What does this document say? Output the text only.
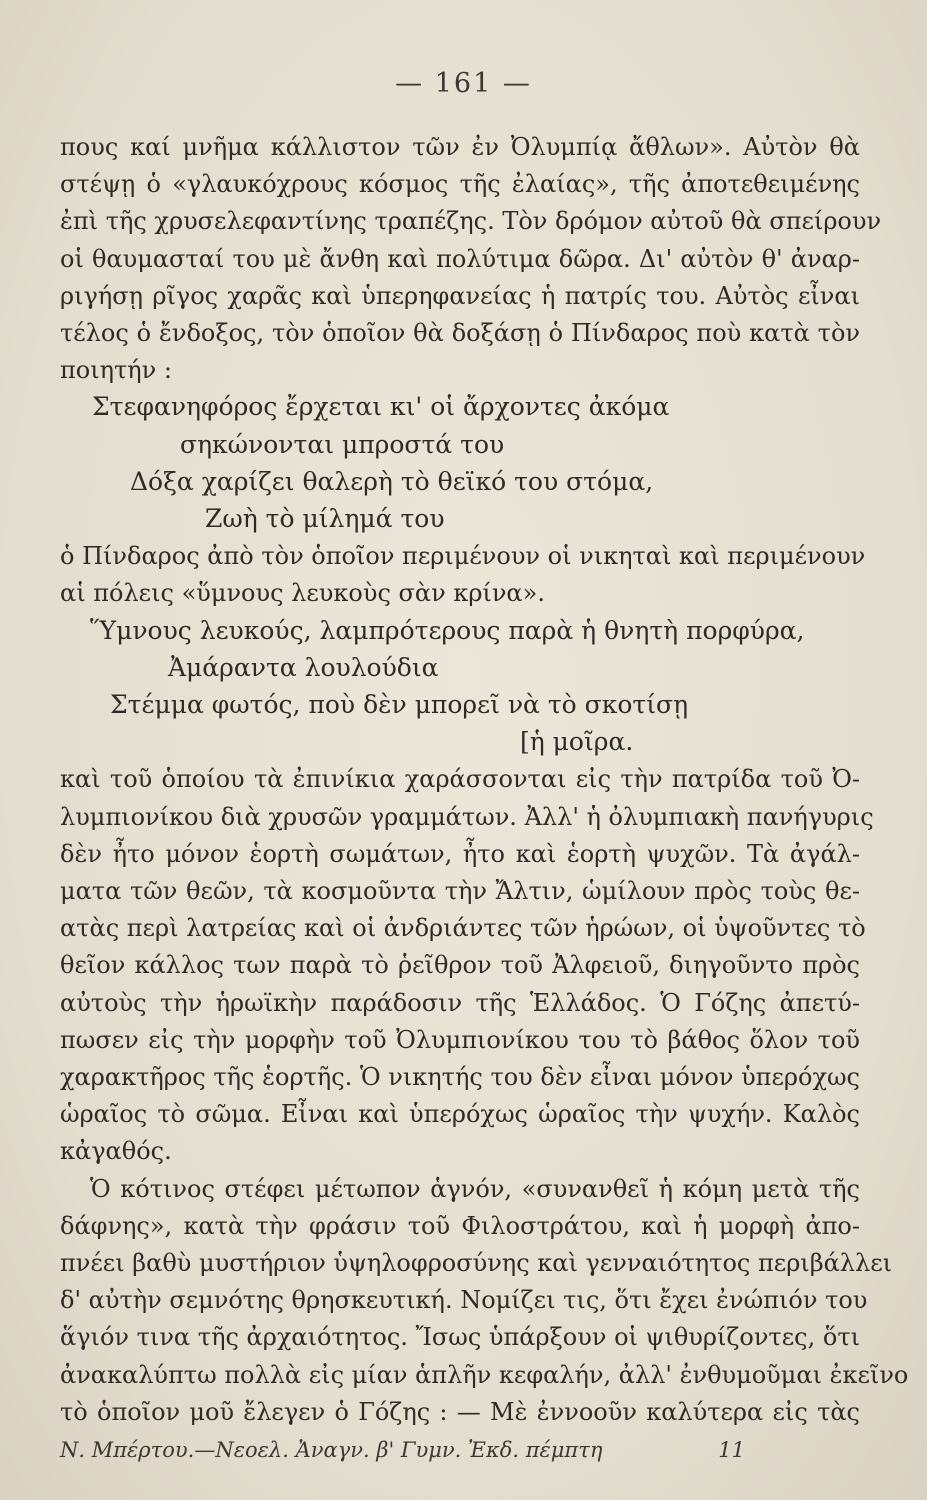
— 161 —
πους καί μνῆμα κάλλιστον τῶν ἐν Ὀλυμπίᾳ ἄθλων». Αὐτὸν θὰ
στέψῃ ὁ «γλαυκόχρους κόσμος τῆς ἐλαίας», τῆς ἀποτεθειμένης
ἐπὶ τῆς χρυσελεφαντίνης τραπέζης. Τὸν δρόμον αὐτοῦ θὰ σπείρουν
οἱ θαυμασταί του μὲ ἄνθη καὶ πολύτιμα δῶρα. Δι' αὐτὸν θ' ἀναρ-
ριγήσῃ ρῖγος χαρᾶς καὶ ὑπερηφανείας ἡ πατρίς του. Αὐτὸς εἶναι
τέλος ὁ ἔνδοξος, τὸν ὁποῖον θὰ δοξάσῃ ὁ Πίνδαρος ποὺ κατὰ τὸν
ποιητήν :
Στεφανηφόρος ἔρχεται κι' οἱ ἄρχοντες ἀκόμα
σηκώνονται μπροστά του
Δόξα χαρίζει θαλερὴ τὸ θεϊκό του στόμα,
Ζωὴ τὸ μίλημά του
ὁ Πίνδαρος ἀπὸ τὸν ὁποῖον περιμένουν οἱ νικηταὶ καὶ περιμένουν
αἱ πόλεις «ὕμνους λευκοὺς σὰν κρίνα».
Ὕμνους λευκούς, λαμπρότερους παρὰ ἡ θνητὴ πορφύρα,
Ἀμάραντα λουλούδια
Στέμμα φωτός, ποὺ δὲν μπορεῖ νὰ τὸ σκοτίσῃ
[ἡ μοῖρα.
καὶ τοῦ ὁποίου τὰ ἐπινίκια χαράσσονται εἰς τὴν πατρίδα τοῦ Ὀ-
λυμπιονίκου διὰ χρυσῶν γραμμάτων. Ἀλλ' ἡ ὀλυμπιακὴ πανήγυρις
δὲν ἦτο μόνον ἑορτὴ σωμάτων, ἦτο καὶ ἑορτὴ ψυχῶν. Τὰ ἀγάλ-
ματα τῶν θεῶν, τὰ κοσμοῦντα τὴν Ἄλτιν, ὡμίλουν πρὸς τοὺς θε-
ατὰς περὶ λατρείας καὶ οἱ ἀνδριάντες τῶν ἡρώων, οἱ ὑψοῦντες τὸ
θεῖον κάλλος των παρὰ τὸ ῥεῖθρον τοῦ Ἀλφειοῦ, διηγοῦντο πρὸς
αὐτοὺς τὴν ἡρωϊκὴν παράδοσιν τῆς Ἑλλάδος. Ὁ Γόζης ἀπετύ-
πωσεν εἰς τὴν μορφὴν τοῦ Ὀλυμπιονίκου του τὸ βάθος ὅλον τοῦ
χαρακτῆρος τῆς ἑορτῆς. Ὁ νικητής του δὲν εἶναι μόνον ὑπερόχως
ὡραῖος τὸ σῶμα. Εἶναι καὶ ὑπερόχως ὡραῖος τὴν ψυχήν. Καλὸς
κἀγαθός.
Ὁ κότινος στέφει μέτωπον ἁγνόν, «συνανθεῖ ἡ κόμη μετὰ τῆς
δάφνης», κατὰ τὴν φράσιν τοῦ Φιλοστράτου, καὶ ἡ μορφὴ ἀπο-
πνέει βαθὺ μυστήριον ὑψηλοφροσύνης καὶ γενναιότητος περιβάλλει
Ν. Μπέρτου.—Νεοελ. Ἀναγν. β' Γυμν. Ἐκδ. πέμπτη	11
δ' αὐτὴν σεμνότης θρησκευτική. Νομίζει τις, ὅτι ἔχει ἐνώπιόν του
ἅγιόν τινα τῆς ἀρχαιότητος. Ἴσως ὑπάρξουν οἱ ψιθυρίζοντες, ὅτι
ἀνακαλύπτω πολλὰ εἰς μίαν ἁπλῆν κεφαλήν, ἀλλ' ἐνθυμοῦμαι ἐκεῖνο
τὸ ὁποῖον μοῦ ἔλεγεν ὁ Γόζης : — Μὲ ἐννοοῦν καλύτερα εἰς τὰς
